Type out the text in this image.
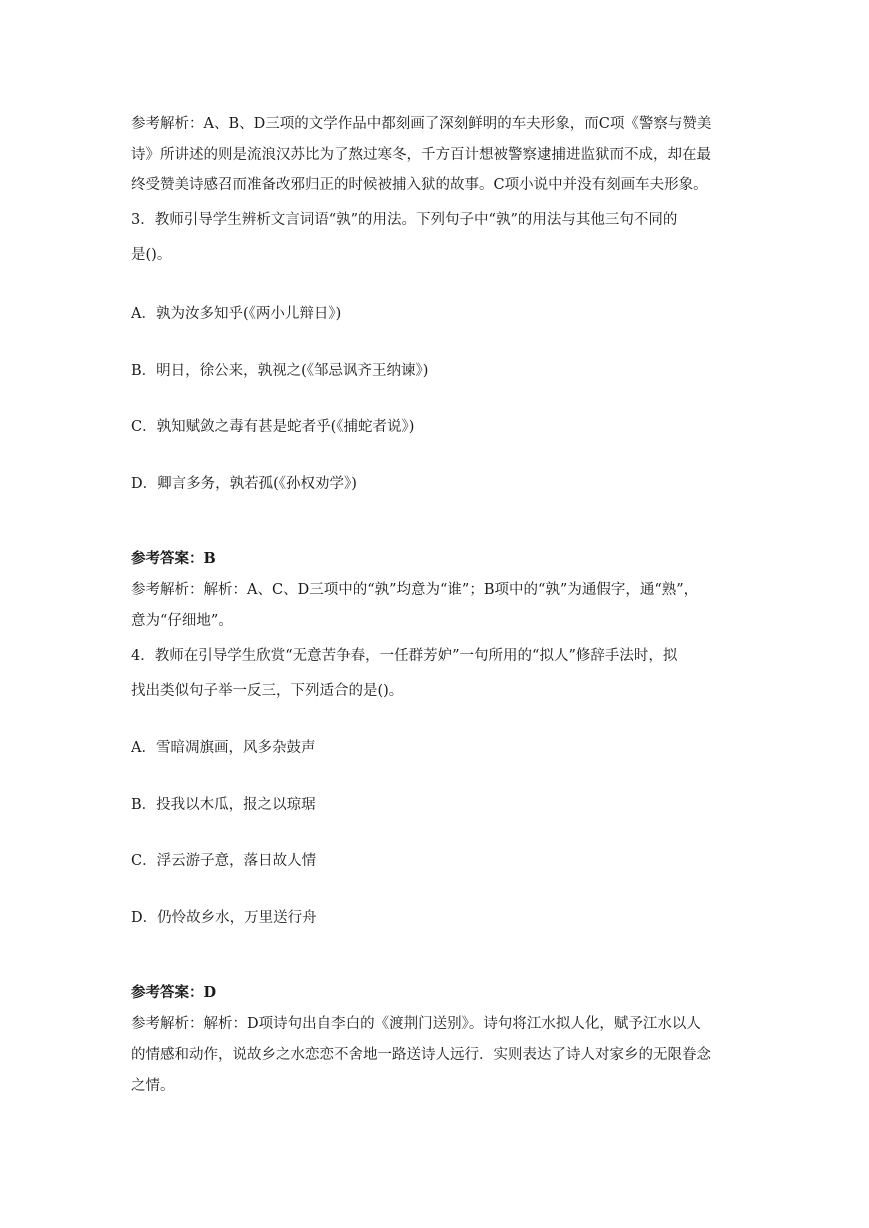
参考解析：A、B、D三项的文学作品中都刻画了深刻鲜明的车夫形象，而C项《警察与赞美
诗》所讲述的则是流浪汉苏比为了熬过寒冬，千方百计想被警察逮捕进监狱而不成，却在最
终受赞美诗感召而准备改邪归正的时候被捕入狱的故事。C项小说中并没有刻画车夫形象。
3．教师引导学生辨析文言词语“孰”的用法。下列句子中“孰”的用法与其他三句不同的
是()。
A．孰为汝多知乎(《两小儿辩日》)
B．明日，徐公来，孰视之(《邹忌讽齐王纳谏》)
C．孰知赋敛之毒有甚是蛇者乎(《捕蛇者说》)
D．卿言多务，孰若孤(《孙权劝学》)
参考答案：B
参考解析：解析：A、C、D三项中的“孰”均意为“谁”；B项中的“孰”为通假字，通“熟”，
意为“仔细地”。
4．教师在引导学生欣赏“无意苦争春，一任群芳妒”一句所用的“拟人”修辞手法时，拟
找出类似句子举一反三，下列适合的是()。
A．雪暗凋旗画，风多杂鼓声
B．投我以木瓜，报之以琼琚
C．浮云游子意，落日故人情
D．仍怜故乡水，万里送行舟
参考答案：D
参考解析：解析：D项诗句出自李白的《渡荆门送别》。诗句将江水拟人化，赋予江水以人
的情感和动作，说故乡之水恋恋不舍地一路送诗人远行．实则表达了诗人对家乡的无限眷念
之情。
